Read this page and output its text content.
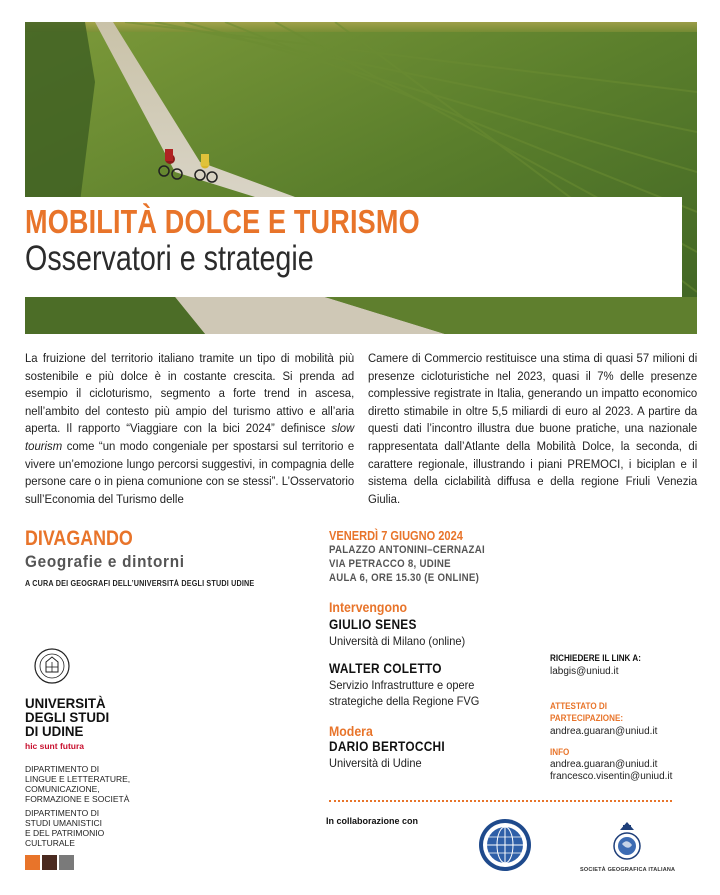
MOBILITÀ DOLCE E TURISMO
Osservatori e strategie
La fruizione del territorio italiano tramite un tipo di mobilità più sostenibile e più dolce è in costante crescita. Si prenda ad esempio il cicloturismo, segmento a forte trend in ascesa, nell’ambito del contesto più ampio del turismo attivo e all’aria aperta. Il rapporto “Viaggiare con la bici 2024” definisce slow tourism come “un modo congeniale per spostarsi sul territorio e vivere un’emozione lungo percorsi suggestivi, in compagnia delle persone care o in piena comunione con se stessi”. L’Osservatorio sull’Economia del Turismo delle
Camere di Commercio restituisce una stima di quasi 57 milioni di presenze cicloturistiche nel 2023, quasi il 7% delle presenze complessive registrate in Italia, generando un impatto economico diretto stimabile in oltre 5,5 miliardi di euro al 2023. A partire da questi dati l’incontro illustra due buone pratiche, una nazionale rappresentata dall’Atlante della Mobilità Dolce, la seconda, di carattere regionale, illustrando i piani PREMOCI, i biciplan e il sistema della ciclabilità diffusa e della regione Friuli Venezia Giulia.
DIVAGANDO
Geografie e dintorni
A CURA DEI GEOGRAFI DELL’UNIVERSITÀ DEGLI STUDI UDINE
UNIVERSITÀ
DEGLI STUDI
DI UDINE
hic sunt futura
DIPARTIMENTO DI
LINGUE E LETTERATURE,
COMUNICAZIONE,
FORMAZIONE E SOCIETÀ
DIPARTIMENTO DI
STUDI UMANISTICI
E DEL PATRIMONIO
CULTURALE
VENERDÌ 7 GIUGNO 2024
PALAZZO ANTONINI–CERNAZAI
VIA PETRACCO 8, UDINE
AULA 6, ORE 15.30 (E ONLINE)
Intervengono
GIULIO SENES
Università di Milano (online)
WALTER COLETTO
Servizio Infrastrutture e opere
strategiche della Regione FVG
Modera
DARIO BERTOCCHI
Università di Udine
RICHIEDERE IL LINK A:
labgis@uniud.it
ATTESTATO DI
PARTECIPAZIONE:
andrea.guaran@uniud.it
INFO
andrea.guaran@uniud.it
francesco.visentin@uniud.it
In collaborazione con
SOCIETÀ GEOGRAFICA ITALIANA
